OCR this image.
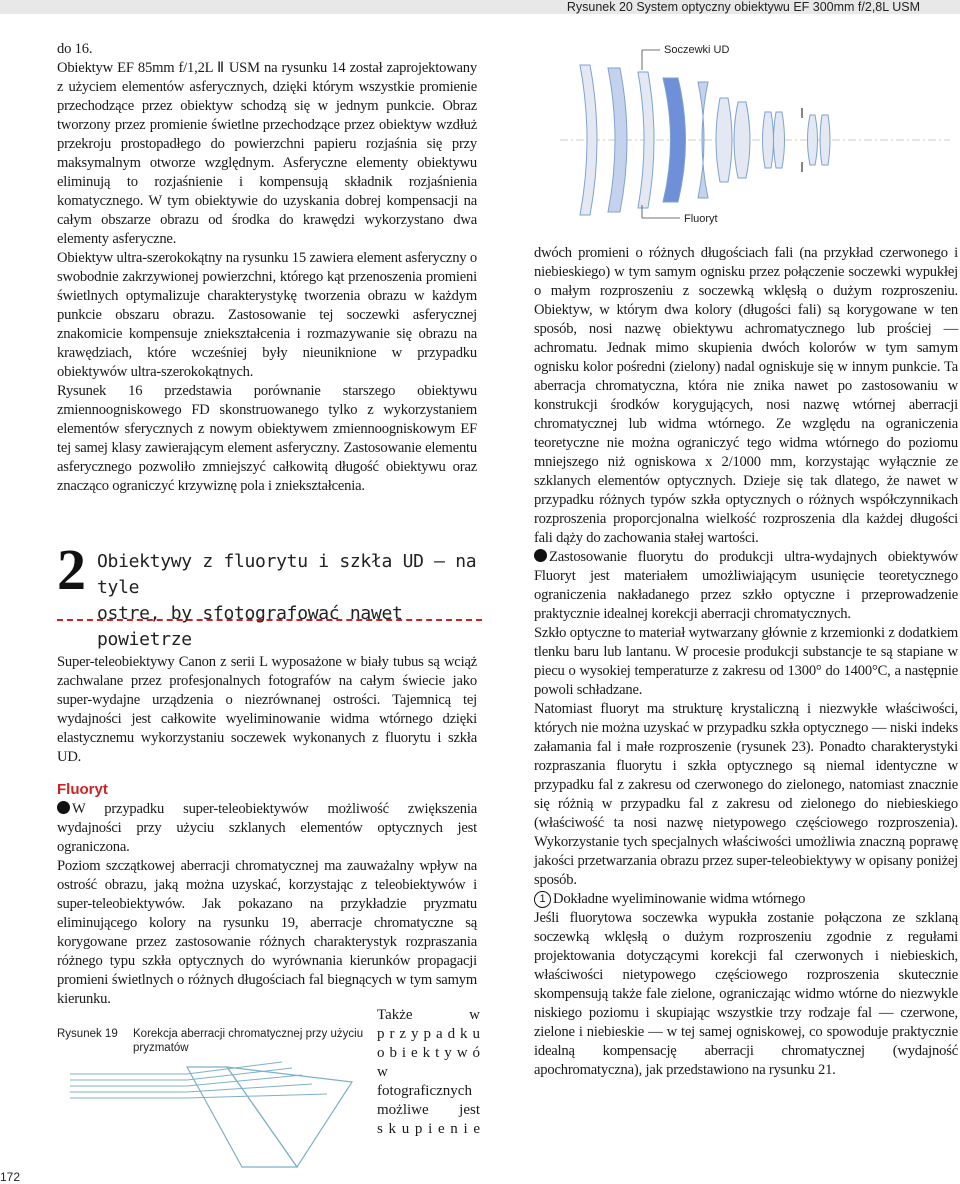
Rysunek 20 System optyczny obiektywu EF 300mm f/2,8L USM

do 16.

Obiektyw EF 85mm f/1,2L Ⅱ USM na rysunku 14 został zaprojektowany z użyciem elementów asferycznych, dzięki którym wszystkie promienie przechodzące przez obiektyw schodzą się w jednym punkcie. Obraz tworzony przez promienie świetlne przechodzące przez obiektyw wzdłuż przekroju prostopadłego do powierzchni papieru rozjaśnia się przy maksymalnym otworze względnym. Asferyczne elementy obiektywu eliminują to rozjaśnienie i kompensują składnik rozjaśnienia komatycznego. W tym obiektywie do uzyskania dobrej kompensacji na całym obszarze obrazu od środka do krawędzi wykorzystano dwa elementy asferyczne.

Obiektyw ultra-szerokokątny na rysunku 15 zawiera element asferyczny o swobodnie zakrzywionej powierzchni, którego kąt przenoszenia promieni świetlnych optymalizuje charakterystykę tworzenia obrazu w każdym punkcie obszaru obrazu. Zastosowanie tej soczewki asferycznej znakomicie kompensuje zniekształcenia i rozmazywanie się obrazu na krawędziach, które wcześniej były nieuniknione w przypadku obiektywów ultra-szerokokątnych.

Rysunek 16 przedstawia porównanie starszego obiektywu zmiennoogniskowego FD skonstruowanego tylko z wykorzystaniem elementów sferycznych z nowym obiektywem zmiennoogniskowym EF tej samej klasy zawierającym element asferyczny. Zastosowanie elementu asferycznego pozwoliło zmniejszyć całkowitą długość obiektywu oraz znacząco ograniczyć krzywiznę pola i zniekształcenia.

2 Obiektywy z fluorytu i szkła UD — na tyle
ostre, by sfotografować nawet powietrze

Super-teleobiektywy Canon z serii L wyposażone w biały tubus są wciąż zachwalane przez profesjonalnych fotografów na całym świecie jako super-wydajne urządzenia o niezrównanej ostrości. Tajemnicą tej wydajności jest całkowite wyeliminowanie widma wtórnego dzięki elastycznemu wykorzystaniu soczewek wykonanych z fluorytu i szkła UD.

Fluoryt

W przypadku super-teleobiektywów możliwość zwiększenia wydajności przy użyciu szklanych elementów optycznych jest ograniczona.

Poziom szczątkowej aberracji chromatycznej ma zauważalny wpływ na ostrość obrazu, jaką można uzyskać, korzystając z teleobiektywów i super-teleobiektywów. Jak pokazano na przykładzie pryzmatu eliminującego kolory na rysunku 19, aberracje chromatyczne są korygowane przez zastosowanie różnych charakterystyk rozpraszania różnego typu szkła optycznych do wyrównania kierunków propagacji promieni świetlnych o różnych długościach fal biegnących w tym samym kierunku.

Rysunek 19	Korekcja aberracji chromatycznej przy użyciu pryzmatów

Także w

p r z y p a d k u

o b i e k t y w ó w

fotograficznych

możliwe jest

s k u p i e n i e

Soczewki UD
Fluoryt

dwóch promieni o różnych długościach fali (na przykład czerwonego i niebieskiego) w tym samym ognisku przez połączenie soczewki wypukłej o małym rozproszeniu z soczewką wklęsłą o dużym rozproszeniu. Obiektyw, w którym dwa kolory (długości fali) są korygowane w ten sposób, nosi nazwę obiektywu achromatycznego lub prościej — achromatu. Jednak mimo skupienia dwóch kolorów w tym samym ognisku kolor pośredni (zielony) nadal ogniskuje się w innym punkcie. Ta aberracja chromatyczna, która nie znika nawet po zastosowaniu w konstrukcji środków korygujących, nosi nazwę wtórnej aberracji chromatycznej lub widma wtórnego. Ze względu na ograniczenia teoretyczne nie można ograniczyć tego widma wtórnego do poziomu mniejszego niż ogniskowa x 2/1000 mm, korzystając wyłącznie ze szklanych elementów optycznych. Dzieje się tak dlatego, że nawet w przypadku różnych typów szkła optycznych o różnych współczynnikach rozproszenia proporcjonalna wielkość rozproszenia dla każdej długości fali dąży do zachowania stałej wartości.

Zastosowanie fluorytu do produkcji ultra-wydajnych obiektywów Fluoryt jest materiałem umożliwiającym usunięcie teoretycznego ograniczenia nakładanego przez szkło optyczne i przeprowadzenie praktycznie idealnej korekcji aberracji chromatycznych.

Szkło optyczne to materiał wytwarzany głównie z krzemionki z dodatkiem tlenku baru lub lantanu. W procesie produkcji substancje te są stapiane w piecu o wysokiej temperaturze z zakresu od 1300° do 1400°C, a następnie powoli schładzane.

Natomiast fluoryt ma strukturę krystaliczną i niezwykłe właściwości, których nie można uzyskać w przypadku szkła optycznego — niski indeks załamania fal i małe rozproszenie (rysunek 23). Ponadto charakterystyki rozpraszania fluorytu i szkła optycznego są niemal identyczne w przypadku fal z zakresu od czerwonego do zielonego, natomiast znacznie się różnią w przypadku fal z zakresu od zielonego do niebieskiego (właściwość ta nosi nazwę nietypowego częściowego rozproszenia). Wykorzystanie tych specjalnych właściwości umożliwia znaczną poprawę jakości przetwarzania obrazu przez super-teleobiektywy w opisany poniżej sposób.

1 Dokładne wyeliminowanie widma wtórnego

Jeśli fluorytowa soczewka wypukła zostanie połączona ze szklaną soczewką wklęsłą o dużym rozproszeniu zgodnie z regułami projektowania dotyczącymi korekcji fal czerwonych i niebieskich, właściwości nietypowego częściowego rozproszenia skutecznie skompensują także fale zielone, ograniczając widmo wtórne do niezwykle niskiego poziomu i skupiając wszystkie trzy rodzaje fal — czerwone, zielone i niebieskie — w tej samej ogniskowej, co spowoduje praktycznie idealną kompensację aberracji chromatycznej (wydajność apochromatyczna), jak przedstawiono na rysunku 21.

172
